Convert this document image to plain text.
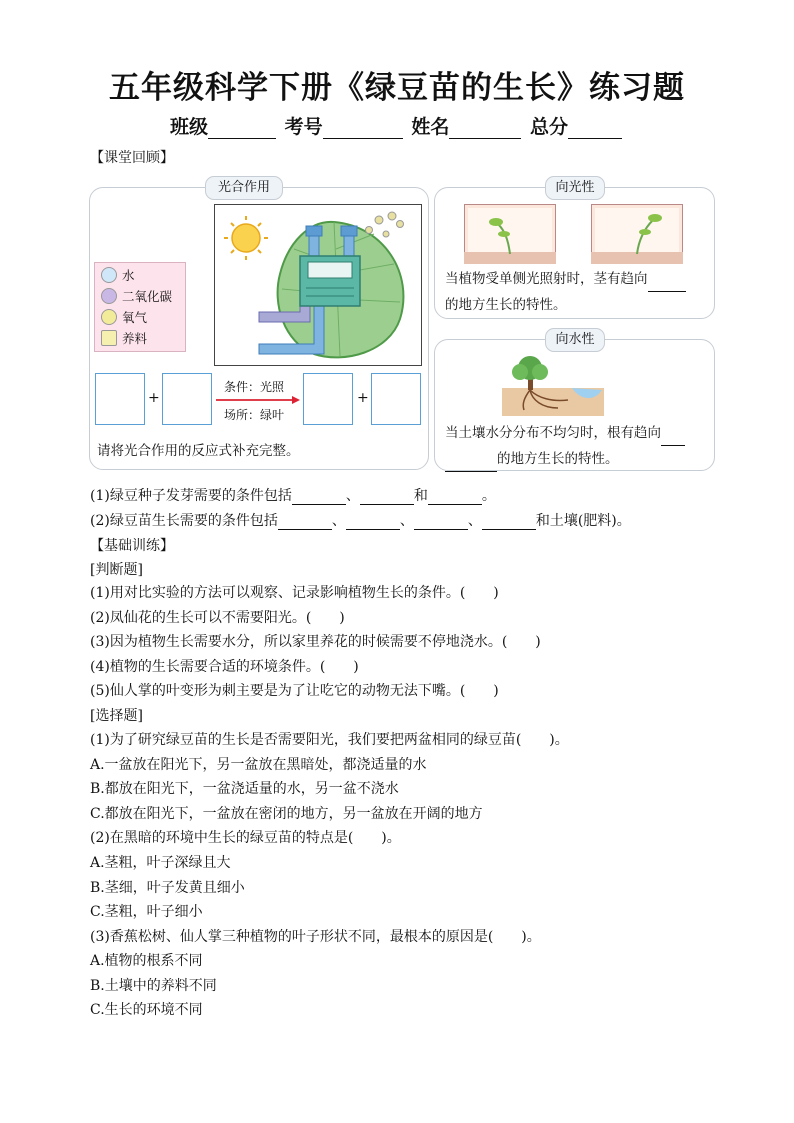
五年级科学下册《绿豆苗的生长》练习题
班级	考号	姓名	总分
【课堂回顾】
光合作用
水
二氧化碳
氧气
养料
+
条件：光照
场所：绿叶
+
请将光合作用的反应式补充完整。
向光性
当植物受单侧光照射时，茎有趋向
的地方生长的特性。
向水性
当土壤水分分布不均匀时，根有趋向
的地方生长的特性。
(1)绿豆种子发芽需要的条件包括	、	和	。
(2)绿豆苗生长需要的条件包括	、	、	、	和土壤(肥料)。
【基础训练】
[判断题]
(1)用对比实验的方法可以观察、记录影响植物生长的条件。(　　)
(2)凤仙花的生长可以不需要阳光。(　　)
(3)因为植物生长需要水分，所以家里养花的时候需要不停地浇水。(　　)
(4)植物的生长需要合适的环境条件。(　　)
(5)仙人掌的叶变形为刺主要是为了让吃它的动物无法下嘴。(　　)
[选择题]
(1)为了研究绿豆苗的生长是否需要阳光，我们要把两盆相同的绿豆苗(　　)。
A.一盆放在阳光下，另一盆放在黑暗处，都浇适量的水
B.都放在阳光下，一盆浇适量的水，另一盆不浇水
C.都放在阳光下，一盆放在密闭的地方，另一盆放在开阔的地方
(2)在黑暗的环境中生长的绿豆苗的特点是(　　)。
A.茎粗，叶子深绿且大
B.茎细，叶子发黄且细小
C.茎粗，叶子细小
(3)香蕉松树、仙人掌三种植物的叶子形状不同，最根本的原因是(　　)。
A.植物的根系不同
B.土壤中的养料不同
C.生长的环境不同
